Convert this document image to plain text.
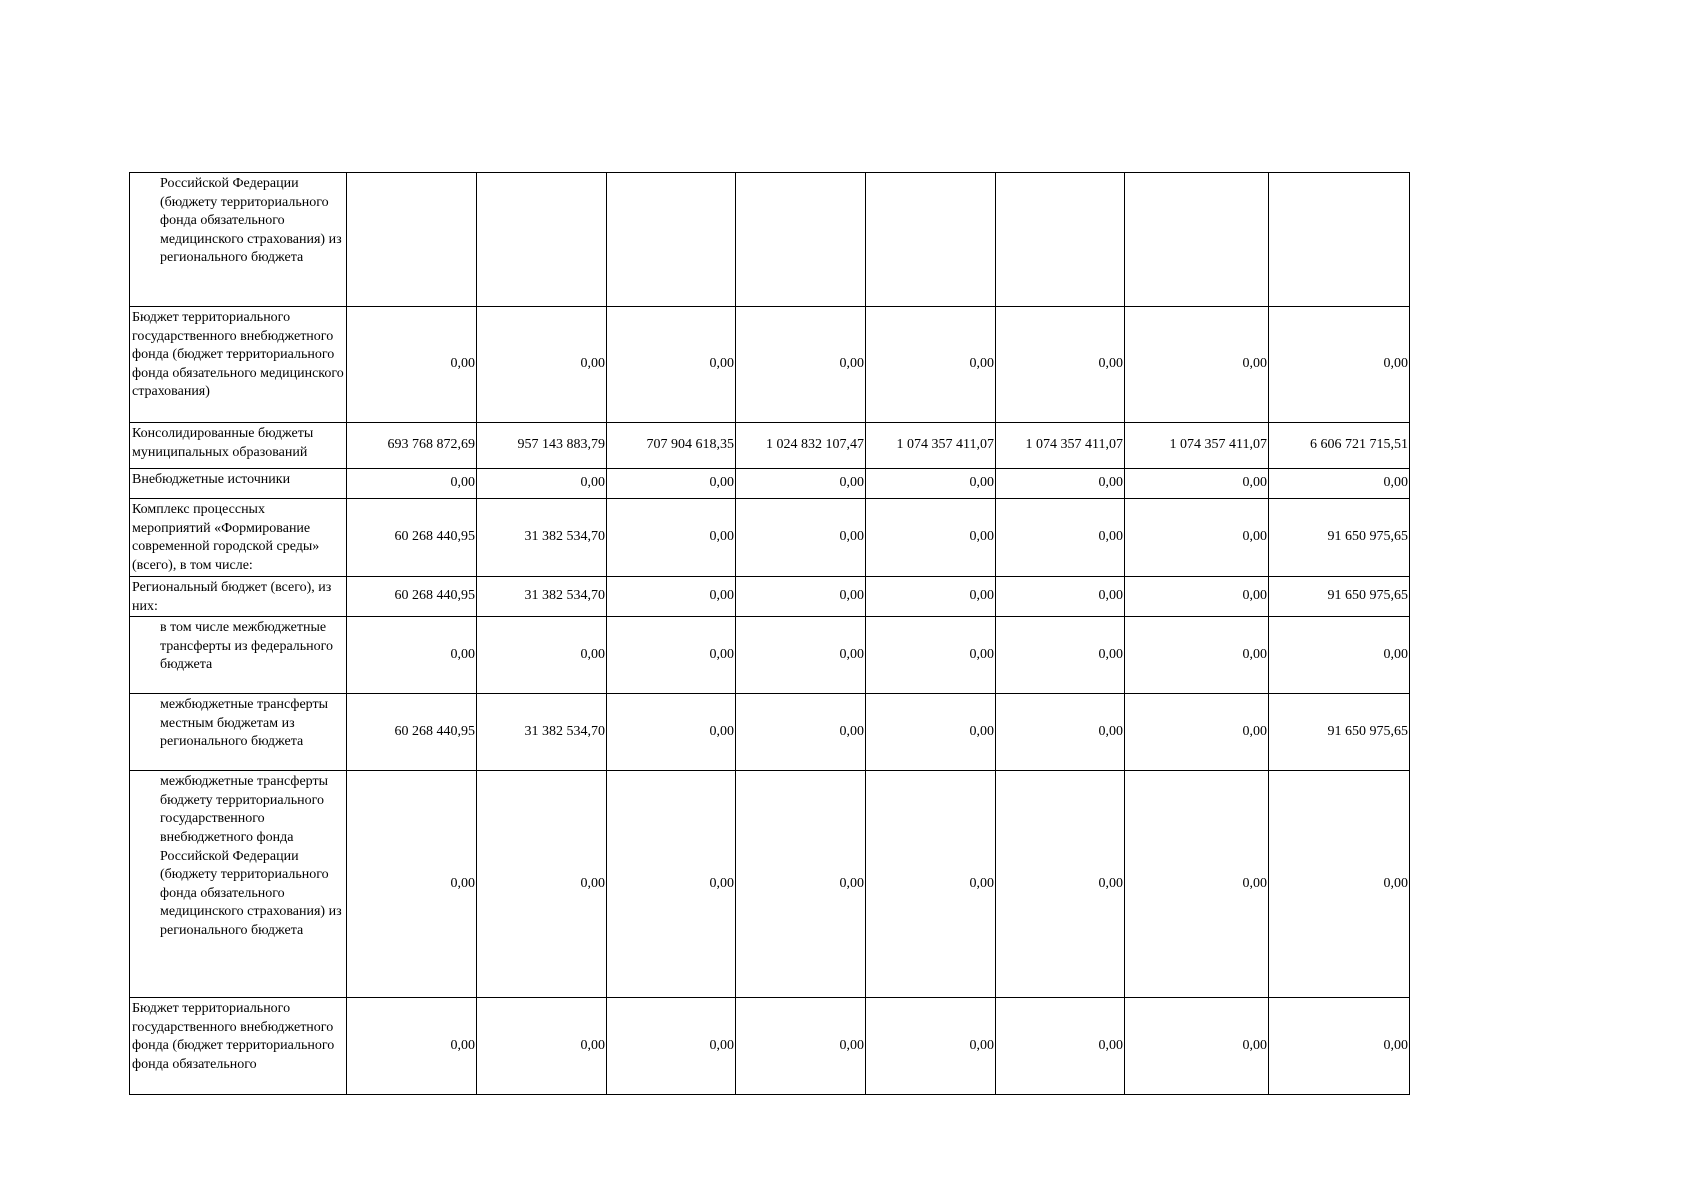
Российской Федерации (бюджету территориального фонда обязательного медицинского страхования) из регионального бюджета								
Бюджет территориального государственного внебюджетного фонда (бюджет территориального фонда обязательного медицинского страхования)	0,00	0,00	0,00	0,00	0,00	0,00	0,00	0,00
Консолидированные бюджеты муниципальных образований	693 768 872,69	957 143 883,79	707 904 618,35	1 024 832 107,47	1 074 357 411,07	1 074 357 411,07	1 074 357 411,07	6 606 721 715,51
Внебюджетные источники	0,00	0,00	0,00	0,00	0,00	0,00	0,00	0,00
Комплекс процессных мероприятий «Формирование современной городской среды» (всего), в том числе:	60 268 440,95	31 382 534,70	0,00	0,00	0,00	0,00	0,00	91 650 975,65
Региональный бюджет (всего), из них:	60 268 440,95	31 382 534,70	0,00	0,00	0,00	0,00	0,00	91 650 975,65
в том числе межбюджетные трансферты из федерального бюджета	0,00	0,00	0,00	0,00	0,00	0,00	0,00	0,00
межбюджетные трансферты местным бюджетам из регионального бюджета	60 268 440,95	31 382 534,70	0,00	0,00	0,00	0,00	0,00	91 650 975,65
межбюджетные трансферты бюджету территориального государственного внебюджетного фонда Российской Федерации (бюджету территориального фонда обязательного медицинского страхования) из регионального бюджета	0,00	0,00	0,00	0,00	0,00	0,00	0,00	0,00
Бюджет территориального государственного внебюджетного фонда (бюджет территориального фонда обязательного	0,00	0,00	0,00	0,00	0,00	0,00	0,00	0,00
